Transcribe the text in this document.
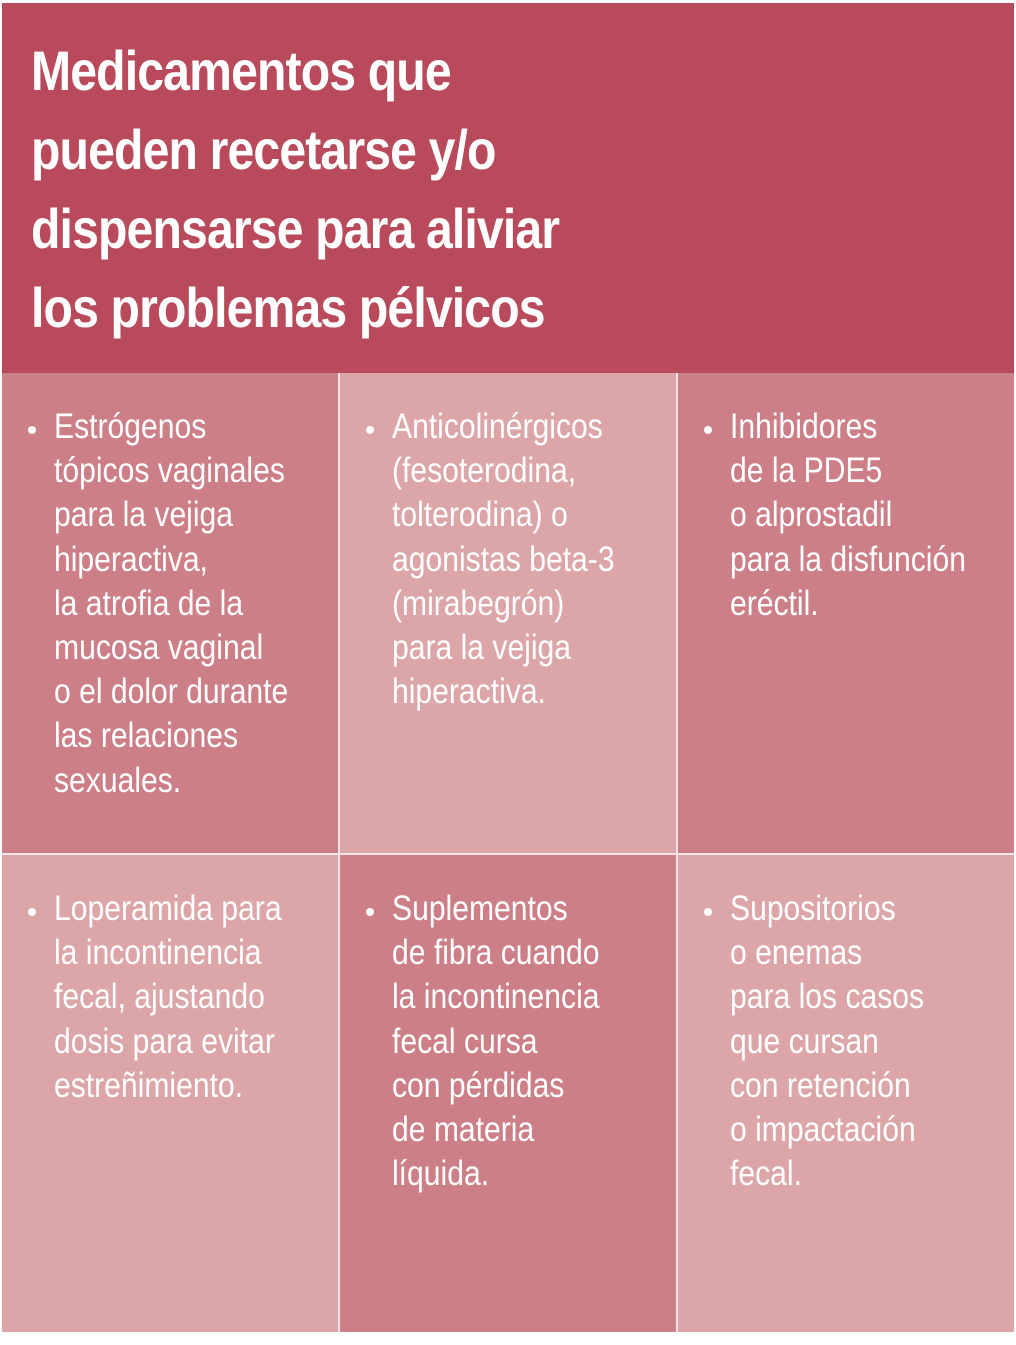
Medicamentos que
pueden recetarse y/o
dispensarse para aliviar
los problemas pélvicos
Estrógenos
tópicos vaginales
para la vejiga
hiperactiva,
la atrofia de la
mucosa vaginal
o el dolor durante
las relaciones
sexuales.
Anticolinérgicos
(fesoterodina,
tolterodina) o
agonistas beta-3
(mirabegrón)
para la vejiga
hiperactiva.
Inhibidores
de la PDE5
o alprostadil
para la disfunción
eréctil.
Loperamida para
la incontinencia
fecal, ajustando
dosis para evitar
estreñimiento.
Suplementos
de fibra cuando
la incontinencia
fecal cursa
con pérdidas
de materia
líquida.
Supositorios
o enemas
para los casos
que cursan
con retención
o impactación
fecal.
